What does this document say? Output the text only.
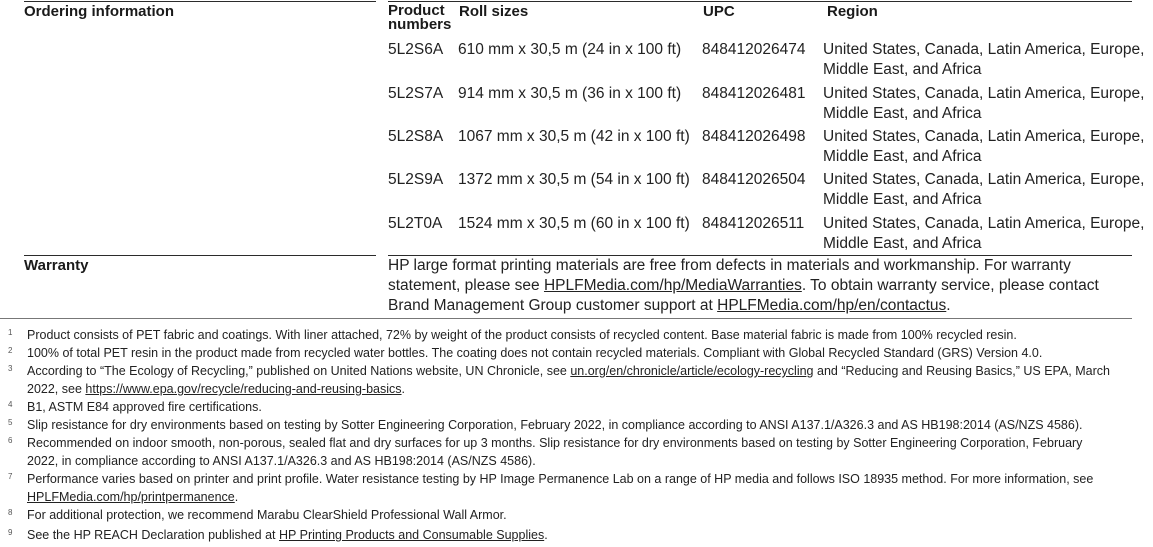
Ordering information	Product
numbers
Roll sizes	UPC	Region
5L2S6A 610 mm x 30,5 m (24 in x 100 ft) 848412026474 United States, Canada, Latin America, Europe,
Middle East, and Africa
5L2S7A 914 mm x 30,5 m (36 in x 100 ft) 848412026481 United States, Canada, Latin America, Europe,
Middle East, and Africa
5L2S8A 1067 mm x 30,5 m (42 in x 100 ft) 848412026498 United States, Canada, Latin America, Europe,
Middle East, and Africa
5L2S9A 1372 mm x 30,5 m (54 in x 100 ft) 848412026504 United States, Canada, Latin America, Europe,
Middle East, and Africa
5L2T0A 1524 mm x 30,5 m (60 in x 100 ft) 848412026511 United States, Canada, Latin America, Europe,
Middle East, and Africa
Warranty	HP large format printing materials are free from defects in materials and workmanship. For warranty
statement, please see HPLFMedia.com/hp/MediaWarranties. To obtain warranty service, please contact
Brand Management Group customer support at HPLFMedia.com/hp/en/contactus.
1 Product consists of PET fabric and coatings. With liner attached, 72% by weight of the product consists of recycled content. Base material fabric is made from 100% recycled resin.
2 100% of total PET resin in the product made from recycled water bottles. The coating does not contain recycled materials. Compliant with Global Recycled Standard (GRS) Version 4.0.
3 According to “The Ecology of Recycling,” published on United Nations website, UN Chronicle, see un.org/en/chronicle/article/ecology-recycling and “Reducing and Reusing Basics,” US EPA, March
2022, see https://www.epa.gov/recycle/reducing-and-reusing-basics.
4 B1, ASTM E84 approved fire certifications.
5 Slip resistance for dry environments based on testing by Sotter Engineering Corporation, February 2022, in compliance according to ANSI A137.1/A326.3 and AS HB198:2014 (AS/NZS 4586).
6 Recommended on indoor smooth, non-porous, sealed flat and dry surfaces for up 3 months. Slip resistance for dry environments based on testing by Sotter Engineering Corporation, February
2022, in compliance according to ANSI A137.1/A326.3 and AS HB198:2014 (AS/NZS 4586).
7 Performance varies based on printer and print profile. Water resistance testing by HP Image Permanence Lab on a range of HP media and follows ISO 18935 method. For more information, see
HPLFMedia.com/hp/printpermanence.
8 For additional protection, we recommend Marabu ClearShield Professional Wall Armor.
9 See the HP REACH Declaration published at HP Printing Products and Consumable Supplies.
